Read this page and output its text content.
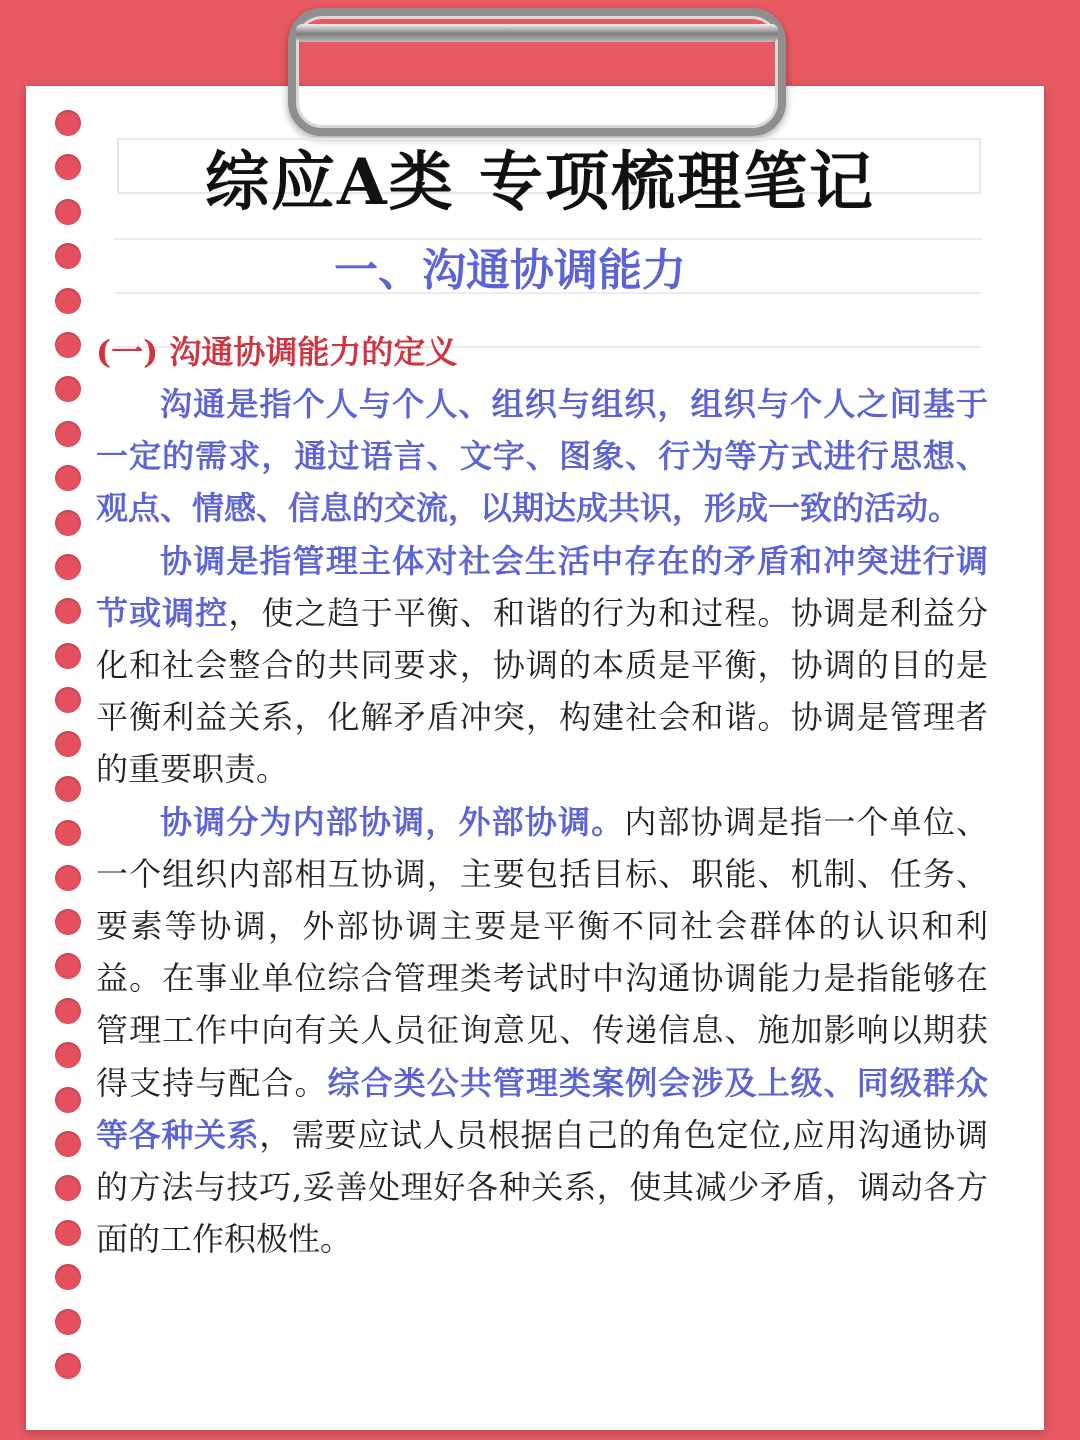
综应A类 专项梳理笔记
一、沟通协调能力
(一) 沟通协调能力的定义

沟通是指个人与个人、组织与组织，组织与个人之间基于一定的需求，通过语言、文字、图象、行为等方式进行思想、观点、情感、信息的交流，以期达成共识，形成一致的活动。

协调是指管理主体对社会生活中存在的矛盾和冲突进行调节或调控，使之趋于平衡、和谐的行为和过程。协调是利益分化和社会整合的共同要求，协调的本质是平衡，协调的目的是平衡利益关系，化解矛盾冲突，构建社会和谐。协调是管理者的重要职责。

协调分为内部协调，外部协调。内部协调是指一个单位、一个组织内部相互协调，主要包括目标、职能、机制、任务、要素等协调，外部协调主要是平衡不同社会群体的认识和利益。在事业单位综合管理类考试时中沟通协调能力是指能够在管理工作中向有关人员征询意见、传递信息、施加影响以期获得支持与配合。综合类公共管理类案例会涉及上级、同级群众等各种关系，需要应试人员根据自己的角色定位,应用沟通协调的方法与技巧,妥善处理好各种关系，使其减少矛盾，调动各方面的工作积极性。
